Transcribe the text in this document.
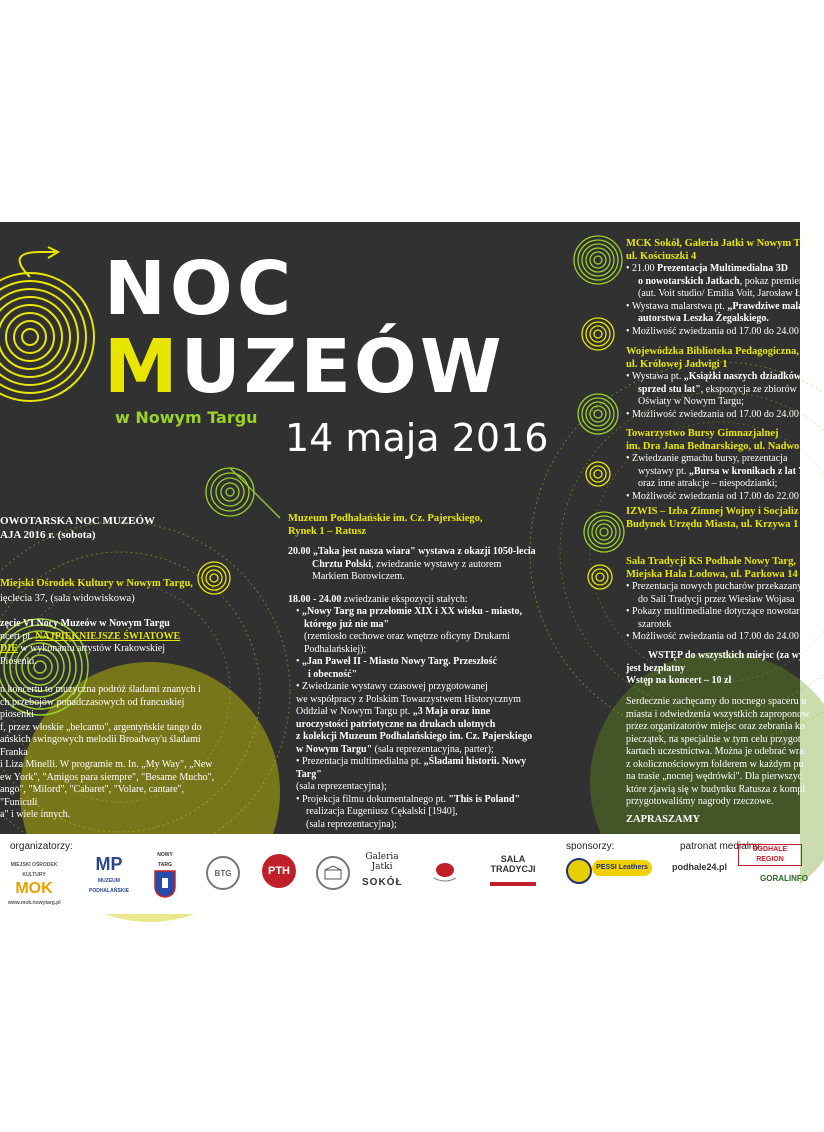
NOC
MUZEÓW
w Nowym Targu 14 maja 2016
OWOTARSKA NOC MUZEÓW
AJA 2016 r. (sobota)
Miejski Ośrodek Kultury w Nowym Targu,
ięclecia 37, (sala widowiskowa)
zęcie VI Nocy Muzeów w Nowym Targu
ncert pt. NAJPIĘKNIEJSZE ŚWIATOWE
DIE w wykonaniu artystów Krakowskiej
Piosenki.
n koncertu to muzyczna podróż śladami znanych i
ch przebojów ponadczasowych od francuskiej piosenki
f, przez włoskie „belcanto", argentyńskie tango do
ańskich swingowych melodii Broadway'u śladami Franka
i Liza Minelli. W programie m. In. „My Way", „New
ew York", "Amigos para siempre", "Besame Mucho",
ango", "Milord", "Cabaret", "Volare, cantare", "Funiculi
a" i wiele innych.
Muzeum Podhalańskie im. Cz. Pajerskiego,
Rynek 1 – Ratusz
20.00 „Taka jest nasza wiara" wystawa z okazji 1050-lecia
Chrztu Polski, zwiedzanie wystawy z autorem
Markiem Borowiczem.
18.00 - 24.00 zwiedzanie ekspozycji stałych:
• „Nowy Targ na przełomie XIX i XX wieku - miasto,
którego już nie ma"
(rzemiosło cechowe oraz wnętrze oficyny Drukarni
Podhalańskiej);
• „Jan Paweł II - Miasto Nowy Targ. Przeszłość
i obecność"
• Zwiedzanie wystawy czasowej przygotowanej
we współpracy z Polskim Towarzystwem Historycznym
Oddział w Nowym Targu pt. „3 Maja oraz inne
uroczystości patriotyczne na drukach ulotnych
z kolekcji Muzeum Podhalańskiego im. Cz. Pajerskiego
w Nowym Targu" (sala reprezentacyjna, parter);
• Prezentacja multimedialna pt. „Śladami historii. Nowy Targ"
(sala reprezentacyjna);
• Projekcja filmu dokumentalnego pt. "This is Poland"
realizacja Eugeniusz Cękalski [1940],
(sala reprezentacyjna);
MCK Sokół, Galeria Jatki w Nowym T
ul. Kościuszki 4
• 21.00 Prezentacja Multimedialna 3D
o nowotarskich Jatkach, pokaz premiero
(aut. Voit studio/ Emilia Voit, Jarosław Łak
• Wystawa malarstwa pt. „Prawdziwe malar
autorstwa Leszka Żegalskiego.
• Możliwość zwiedzania od 17.00 do 24.00
Wojewódzka Biblioteka Pedagogiczna,
ul. Królowej Jadwigi 1
• Wystawa pt. „Książki naszych dziadków
sprzed stu lat", ekspozycja ze zbiorów Mu
Oświaty w Nowym Targu;
• Możliwość zwiedzania od 17.00 do 24.00
Towarzystwo Bursy Gimnazjalnej
im. Dra Jana Bednarskiego, ul. Nadwo
• Zwiedzanie gmachu bursy, prezentacja
wystawy pt. „Bursa w kronikach z lat 70
oraz inne atrakcje – niespodzianki;
• Możliwość zwiedzania od 17.00 do 22.00
IZWIS – Izba Zimnej Wojny i Socjaliz
Budynek Urzędu Miasta, ul. Krzywa 1
Sala Tradycji KS Podhale Nowy Targ,
Miejska Hala Lodowa, ul. Parkowa 14
• Prezentacja nowych pucharów przekazany
do Sali Tradycji przez Wiesław Wojasa
• Pokazy multimedialne dotyczące nowotars
szarotek
• Możliwość zwiedzania od 17.00 do 24.00
WSTĘP do wszystkich miejsc (za wyjątki
jest bezpłatny
Wstęp na koncert – 10 zł
Serdecznie zachęcamy do nocnego spaceru u
miasta i odwiedzenia wszystkich zaproponow
przez organizatorów miejsc oraz zebrania ko
pieczątek, na specjalnie w tym celu przygot
kartach uczestnictwa. Można je odebrać wra
z okolicznościowym folderem w każdym pu
na trasie „nocnej wędrówki". Dla pierwszyc
które zjawią się w budynku Ratusza z kompl
przygotowaliśmy nagrody rzeczowe.
ZAPRASZAMY
organizatorzy:	sponsorzy:	patronat medialny:
MIEJSKI OŚRODEK KULTURY
MOK
www.mok.nowytarg.pl
MP
MUZEUM PODHALAŃSKIE
NOWY TARG
BTG	PTH
Galeria Jatki
SOKÓŁ
SALA TRADYCJI	PESSI Leathers	podhale24.pl
PODHALE REGION
GORALINFO
